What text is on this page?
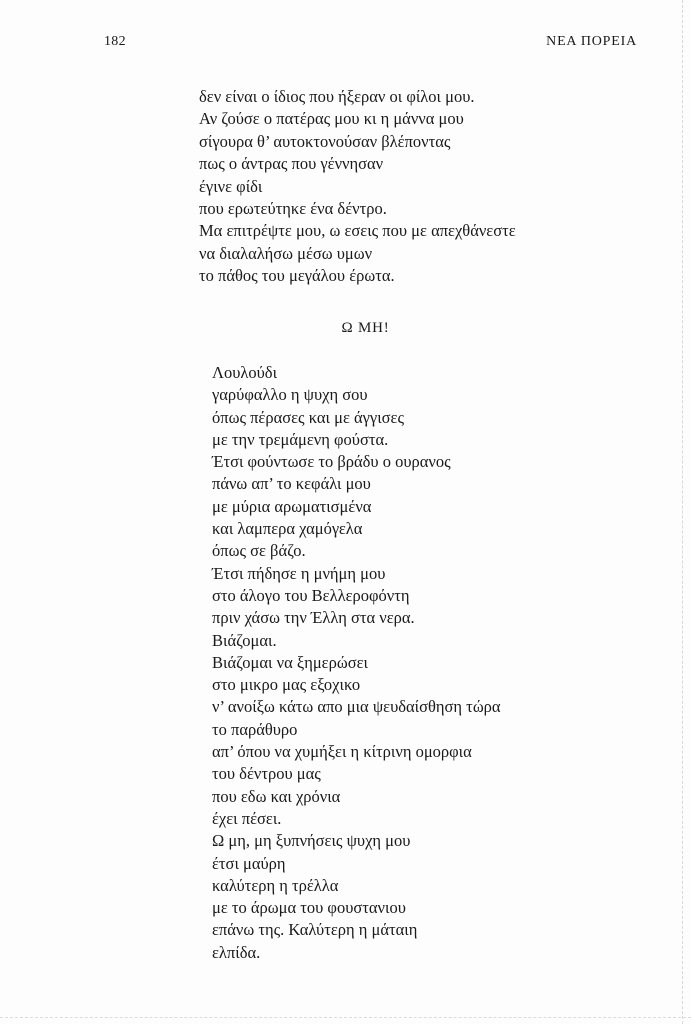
182	ΝΕΑ ΠΟΡΕΙΑ
δεν είναι ο ίδιος που ήξεραν οι φίλοι μου.
Αν ζούσε ο πατέρας μου κι η μάννα μου
σίγουρα θ’ αυτοκτονούσαν βλέποντας
πως ο άντρας που γέννησαν
έγινε φίδι
που ερωτεύτηκε ένα δέντρο.
Μα επιτρέψτε μου, ω εσεις που με απεχθάνεστε
να διαλαλήσω μέσω υμων
το πάθος του μεγάλου έρωτα.
Ω ΜΗ!
Λουλούδι
γαρύφαλλο η ψυχη σου
όπως πέρασες και με άγγισες
με την τρεμάμενη φούστα.
Έτσι φούντωσε το βράδυ ο ουρανος
πάνω απ’ το κεφάλι μου
με μύρια αρωματισμένα
και λαμπερα χαμόγελα
όπως σε βάζο.
Έτσι πήδησε η μνήμη μου
στο άλογο του Βελλεροφόντη
πριν χάσω την Έλλη στα νερα.
Βιάζομαι.
Βιάζομαι να ξημερώσει
στο μικρο μας εξοχικο
ν’ ανοίξω κάτω απο μια ψευδαίσθηση τώρα
το παράθυρο
απ’ όπου να χυμήξει η κίτρινη ομορφια
του δέντρου μας
που εδω και χρόνια
έχει πέσει.
Ω μη, μη ξυπνήσεις ψυχη μου
έτσι μαύρη
καλύτερη η τρέλλα
με το άρωμα του φουστανιου
επάνω της. Καλύτερη η μάταιη
ελπίδα.
